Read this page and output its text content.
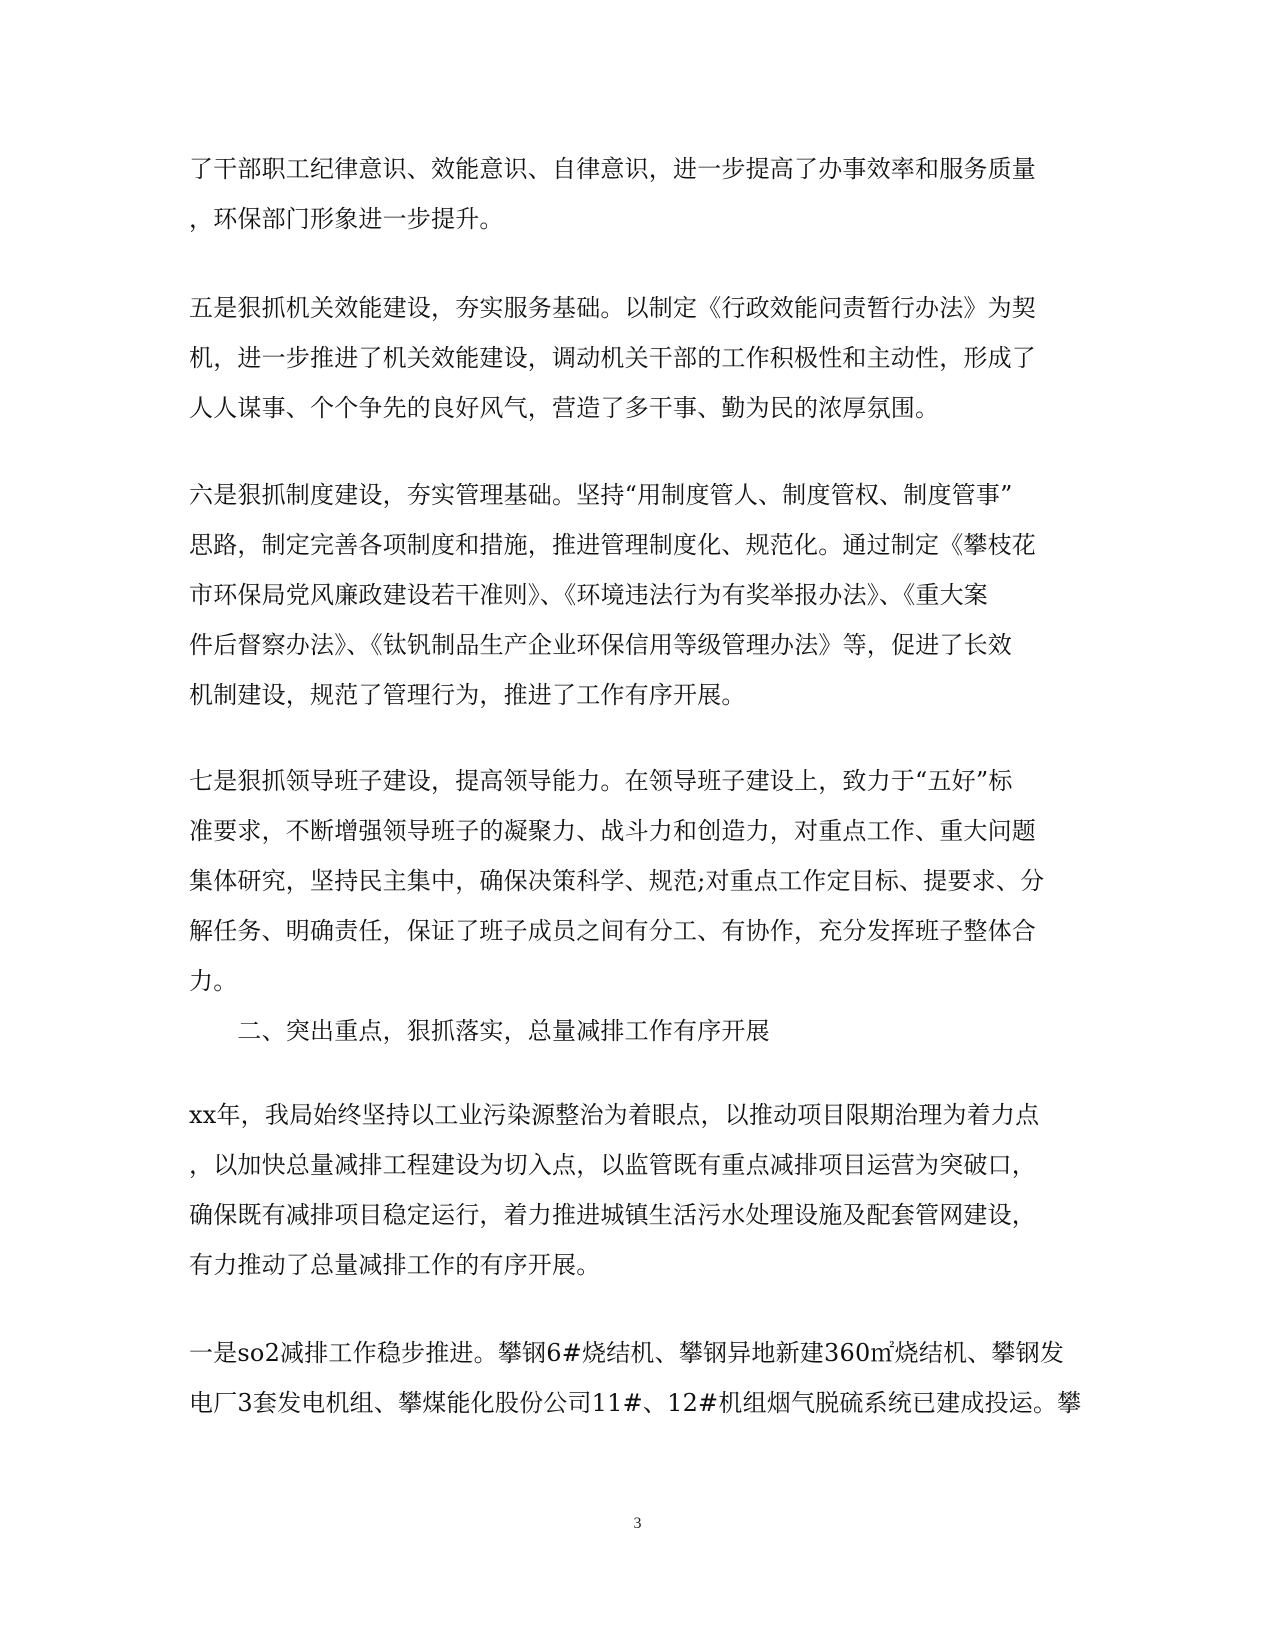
了干部职工纪律意识、效能意识、自律意识，进一步提高了办事效率和服务质量
，环保部门形象进一步提升。
五是狠抓机关效能建设，夯实服务基础。以制定《行政效能问责暂行办法》为契
机，进一步推进了机关效能建设，调动机关干部的工作积极性和主动性，形成了
人人谋事、个个争先的良好风气，营造了多干事、勤为民的浓厚氛围。
六是狠抓制度建设，夯实管理基础。坚持“用制度管人、制度管权、制度管事”
思路，制定完善各项制度和措施，推进管理制度化、规范化。通过制定《攀枝花
市环保局党风廉政建设若干准则》、《环境违法行为有奖举报办法》、《重大案
件后督察办法》、《钛钒制品生产企业环保信用等级管理办法》等，促进了长效
机制建设，规范了管理行为，推进了工作有序开展。
七是狠抓领导班子建设，提高领导能力。在领导班子建设上，致力于“五好”标
准要求，不断增强领导班子的凝聚力、战斗力和创造力，对重点工作、重大问题
集体研究，坚持民主集中，确保决策科学、规范;对重点工作定目标、提要求、分
解任务、明确责任，保证了班子成员之间有分工、有协作，充分发挥班子整体合
力。
　　二、突出重点，狠抓落实，总量减排工作有序开展
xx年，我局始终坚持以工业污染源整治为着眼点，以推动项目限期治理为着力点
，以加快总量减排工程建设为切入点，以监管既有重点减排项目运营为突破口，
确保既有减排项目稳定运行，着力推进城镇生活污水处理设施及配套管网建设，
有力推动了总量减排工作的有序开展。
一是so2减排工作稳步推进。攀钢6#烧结机、攀钢异地新建360㎡烧结机、攀钢发
电厂3套发电机组、攀煤能化股份公司11#、12#机组烟气脱硫系统已建成投运。攀
3
